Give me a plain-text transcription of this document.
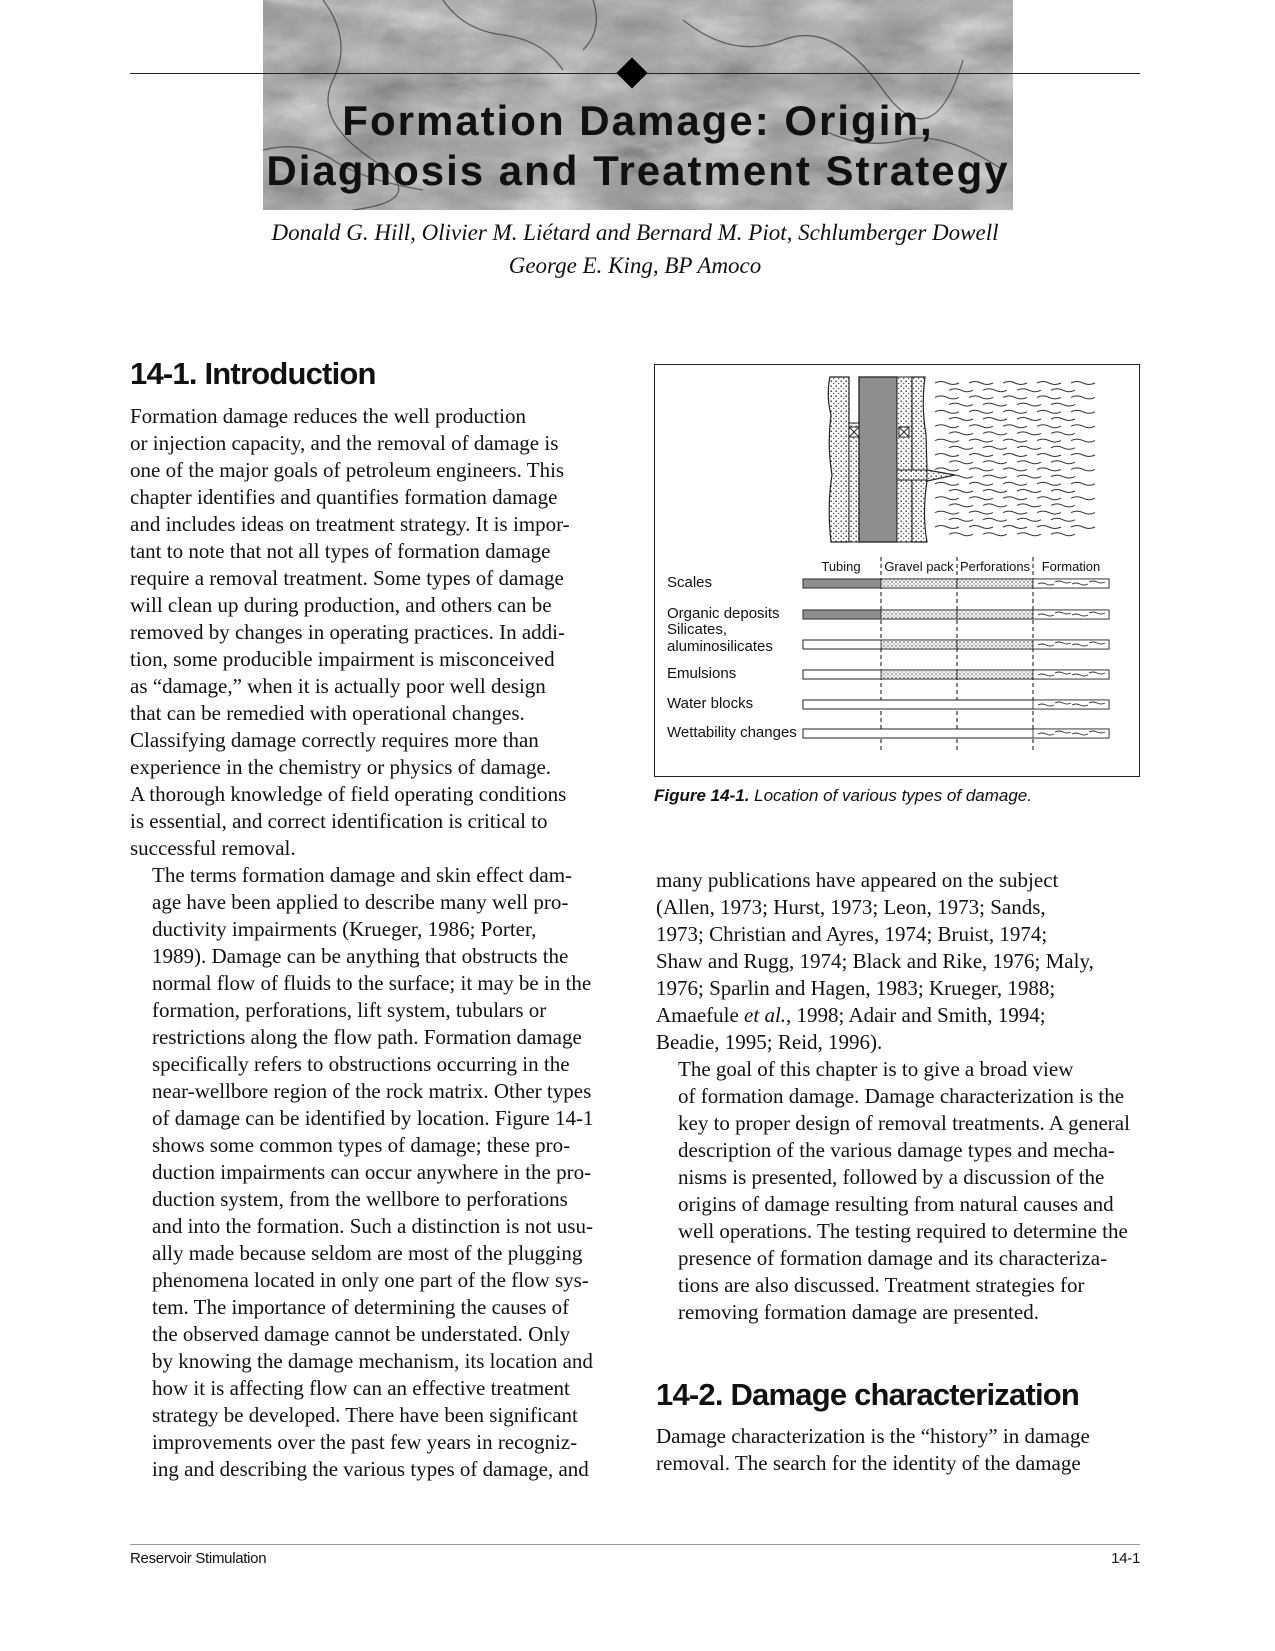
Formation Damage: Origin,
Diagnosis and Treatment Strategy
Donald G. Hill, Olivier M. Liétard and Bernard M. Piot, Schlumberger Dowell
George E. King, BP Amoco
14-1. Introduction

Formation damage reduces the well production
or injection capacity, and the removal of damage is
one of the major goals of petroleum engineers. This
chapter identifies and quantifies formation damage
and includes ideas on treatment strategy. It is impor-
tant to note that not all types of formation damage
require a removal treatment. Some types of damage
will clean up during production, and others can be
removed by changes in operating practices. In addi-
tion, some producible impairment is misconceived
as “damage,” when it is actually poor well design
that can be remedied with operational changes.
Classifying damage correctly requires more than
experience in the chemistry or physics of damage.
A thorough knowledge of field operating conditions
is essential, and correct identification is critical to
successful removal.

The terms formation damage and skin effect dam-
age have been applied to describe many well pro-
ductivity impairments (Krueger, 1986; Porter,
1989). Damage can be anything that obstructs the
normal flow of fluids to the surface; it may be in the
formation, perforations, lift system, tubulars or
restrictions along the flow path. Formation damage
specifically refers to obstructions occurring in the
near-wellbore region of the rock matrix. Other types
of damage can be identified by location. Figure 14-1
shows some common types of damage; these pro-
duction impairments can occur anywhere in the pro-
duction system, from the wellbore to perforations
and into the formation. Such a distinction is not usu-
ally made because seldom are most of the plugging
phenomena located in only one part of the flow sys-
tem. The importance of determining the causes of
the observed damage cannot be understated. Only
by knowing the damage mechanism, its location and
how it is affecting flow can an effective treatment
strategy be developed. There have been significant
improvements over the past few years in recogniz-
ing and describing the various types of damage, and

Tubing Gravel pack Perforations Formation
Scales
Organic deposits
Silicates,
aluminosilicates
Emulsions
Water blocks
Wettability changes
Figure 14-1. Location of various types of damage.

many publications have appeared on the subject
(Allen, 1973; Hurst, 1973; Leon, 1973; Sands,
1973; Christian and Ayres, 1974; Bruist, 1974;
Shaw and Rugg, 1974; Black and Rike, 1976; Maly,
1976; Sparlin and Hagen, 1983; Krueger, 1988;
Amaefule et al., 1998; Adair and Smith, 1994;
Beadie, 1995; Reid, 1996).

The goal of this chapter is to give a broad view
of formation damage. Damage characterization is the
key to proper design of removal treatments. A general
description of the various damage types and mecha-
nisms is presented, followed by a discussion of the
origins of damage resulting from natural causes and
well operations. The testing required to determine the
presence of formation damage and its characteriza-
tions are also discussed. Treatment strategies for
removing formation damage are presented.

14-2. Damage characterization

Damage characterization is the “history” in damage
removal. The search for the identity of the damage

Reservoir Stimulation	14-1
